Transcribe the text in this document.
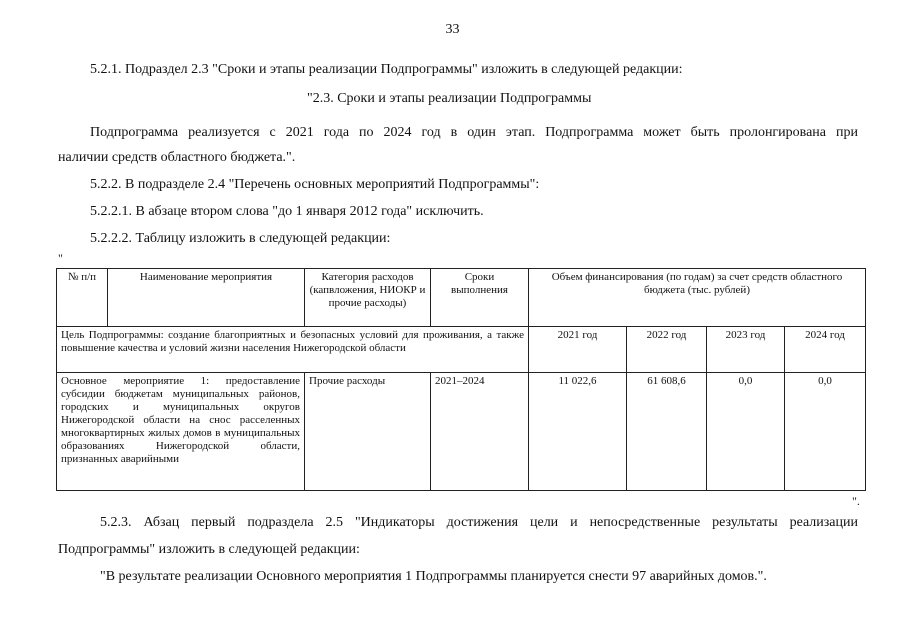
33
5.2.1. Подраздел 2.3 "Сроки и этапы реализации Подпрограммы" изложить в следующей редакции:
"2.3. Сроки и этапы реализации Подпрограммы
Подпрограмма реализуется с 2021 года по 2024 год в один этап. Подпрограмма может быть пролонгирована при
наличии средств областного бюджета.".
5.2.2. В подразделе 2.4 "Перечень основных мероприятий Подпрограммы":
5.2.2.1. В абзаце втором слова "до 1 января 2012 года" исключить.
5.2.2.2. Таблицу изложить в следующей редакции:
"
№ п/п	Наименование мероприятия	Категория расходов (капвложения, НИОКР и прочие расходы)	Сроки выполнения	Объем финансирования (по годам) за счет средств областного бюджета (тыс. рублей)			
Цель Подпрограммы: создание благоприятных и безопасных условий для проживания, а также повышение качества и условий жизни населения Нижегородской области				2021 год	2022 год	2023 год	2024 год
Основное мероприятие 1: предоставление субсидии бюджетам муниципальных районов, городских и муниципальных округов Нижегородской области на снос расселенных многоквартирных жилых домов в муниципальных образованиях Нижегородской области, признанных аварийными		Прочие расходы	2021–2024	11 022,6	61 608,6	0,0	0,0
".
5.2.3. Абзац первый подраздела 2.5 "Индикаторы достижения цели и непосредственные результаты реализации
Подпрограммы" изложить в следующей редакции:
"В результате реализации Основного мероприятия 1 Подпрограммы планируется снести 97 аварийных домов.".
